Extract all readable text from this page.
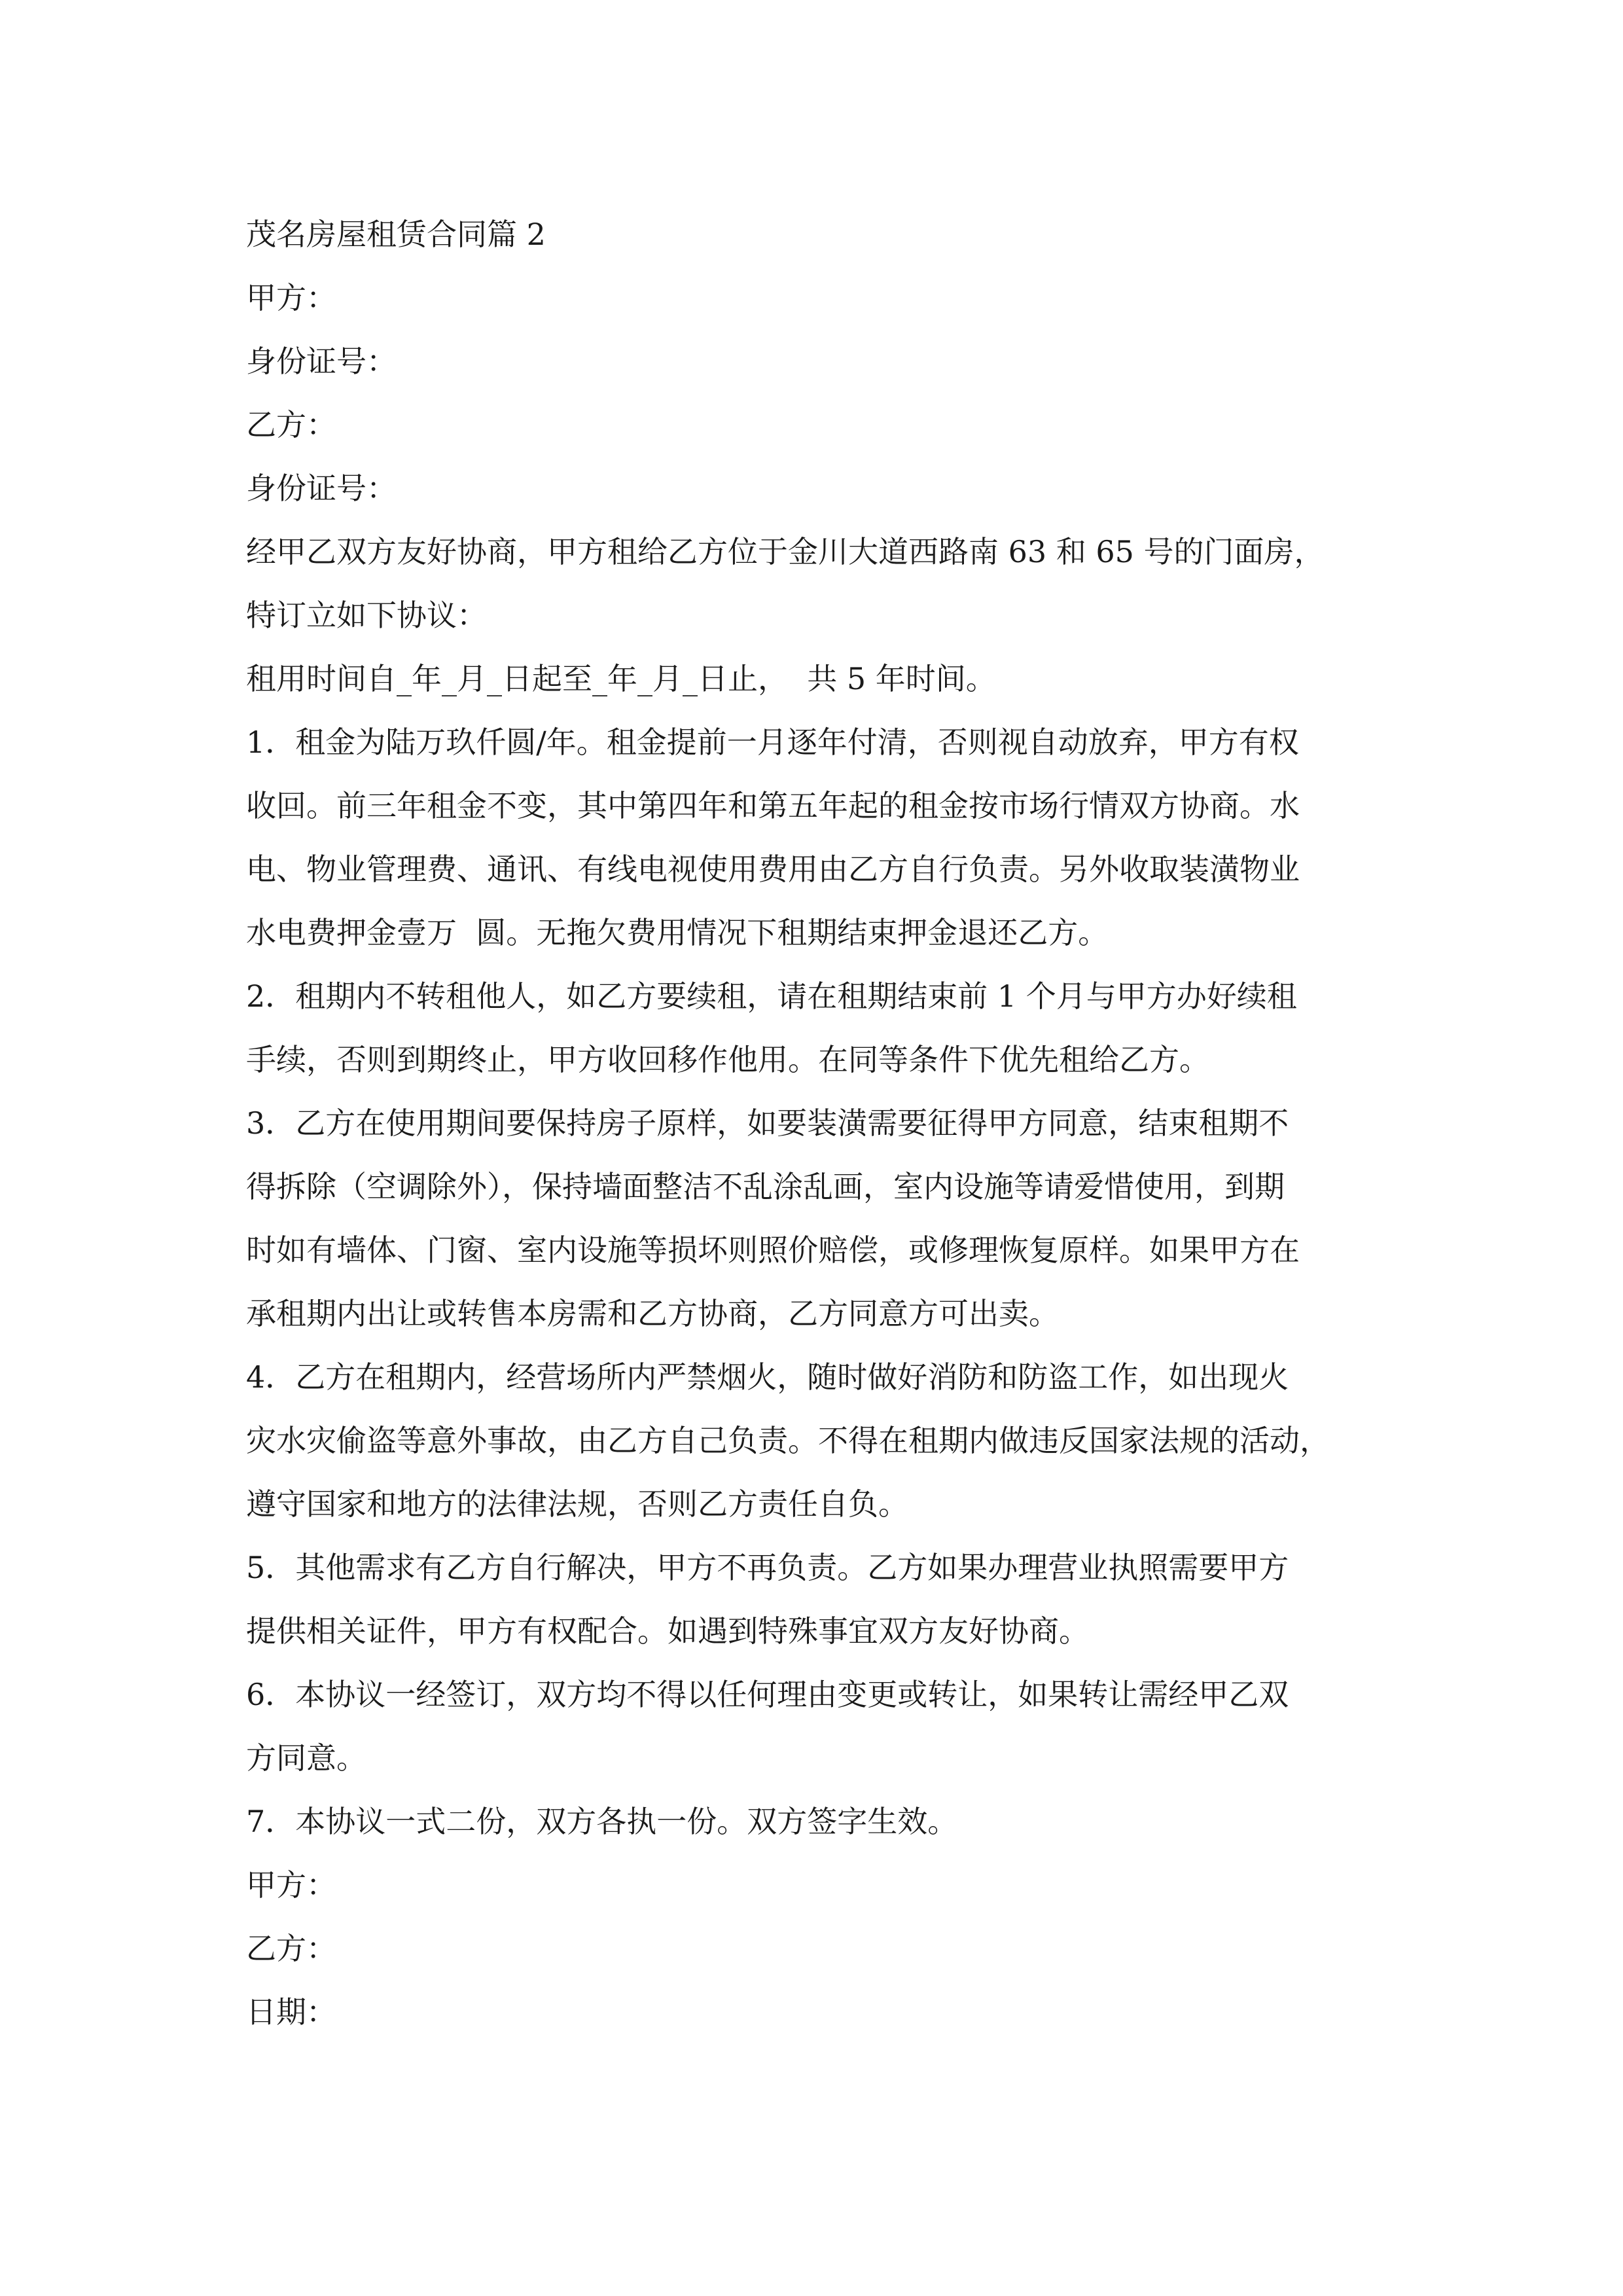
茂名房屋租赁合同篇 2
甲方：
身份证号：
乙方：
身份证号：
经甲乙双方友好协商，甲方租给乙方位于金川大道西路南 63 和 65 号的门面房，
特订立如下协议：
租用时间自_年_月_日起至_年_月_日止，  共 5 年时间。
1．租金为陆万玖仟圆/年。租金提前一月逐年付清，否则视自动放弃，甲方有权
收回。前三年租金不变，其中第四年和第五年起的租金按市场行情双方协商。水
电、物业管理费、通讯、有线电视使用费用由乙方自行负责。另外收取装潢物业
水电费押金壹万  圆。无拖欠费用情况下租期结束押金退还乙方。
2．租期内不转租他人，如乙方要续租，请在租期结束前 1 个月与甲方办好续租
手续，否则到期终止，甲方收回移作他用。在同等条件下优先租给乙方。
3．乙方在使用期间要保持房子原样，如要装潢需要征得甲方同意，结束租期不
得拆除（空调除外），保持墙面整洁不乱涂乱画，室内设施等请爱惜使用，到期
时如有墙体、门窗、室内设施等损坏则照价赔偿，或修理恢复原样。如果甲方在
承租期内出让或转售本房需和乙方协商，乙方同意方可出卖。
4．乙方在租期内，经营场所内严禁烟火，随时做好消防和防盗工作，如出现火
灾水灾偷盗等意外事故，由乙方自己负责。不得在租期内做违反国家法规的活动，
遵守国家和地方的法律法规，否则乙方责任自负。
5．其他需求有乙方自行解决，甲方不再负责。乙方如果办理营业执照需要甲方
提供相关证件，甲方有权配合。如遇到特殊事宜双方友好协商。
6．本协议一经签订，双方均不得以任何理由变更或转让，如果转让需经甲乙双
方同意。
7．本协议一式二份，双方各执一份。双方签字生效。
甲方：
乙方：
日期：
